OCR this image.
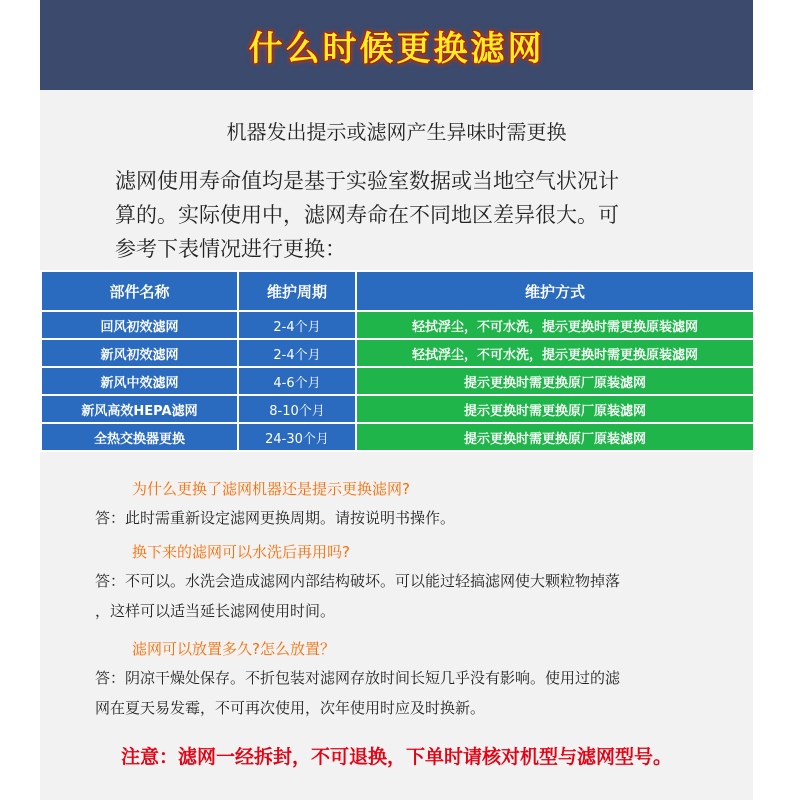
什么时候更换滤网
机器发出提示或滤网产生异味时需更换
滤网使用寿命值均是基于实验室数据或当地空气状况计
算的。实际使用中，滤网寿命在不同地区差异很大。可
参考下表情况进行更换：
部件名称	维护周期	维护方式
回风初效滤网	2-4个月	轻拭浮尘，不可水洗，提示更换时需更换原装滤网
新风初效滤网	2-4个月	轻拭浮尘，不可水洗，提示更换时需更换原装滤网
新风中效滤网	4-6个月	提示更换时需更换原厂原装滤网
新风高效HEPA滤网	8-10个月	提示更换时需更换原厂原装滤网
全热交换器更换	24-30个月	提示更换时需更换原厂原装滤网
为什么更换了滤网机器还是提示更换滤网?
答：此时需重新设定滤网更换周期。请按说明书操作。
换下来的滤网可以水洗后再用吗?
答：不可以。水洗会造成滤网内部结构破坏。可以能过轻搞滤网使大颗粒物掉落
，这样可以适当延长滤网使用时间。
滤网可以放置多久?怎么放置？
答：阴凉干燥处保存。不折包装对滤网存放时间长短几乎没有影响。使用过的滤
网在夏天易发霉，不可再次使用，次年使用时应及时换新。
注意：滤网一经拆封，不可退换，下单时请核对机型与滤网型号。
